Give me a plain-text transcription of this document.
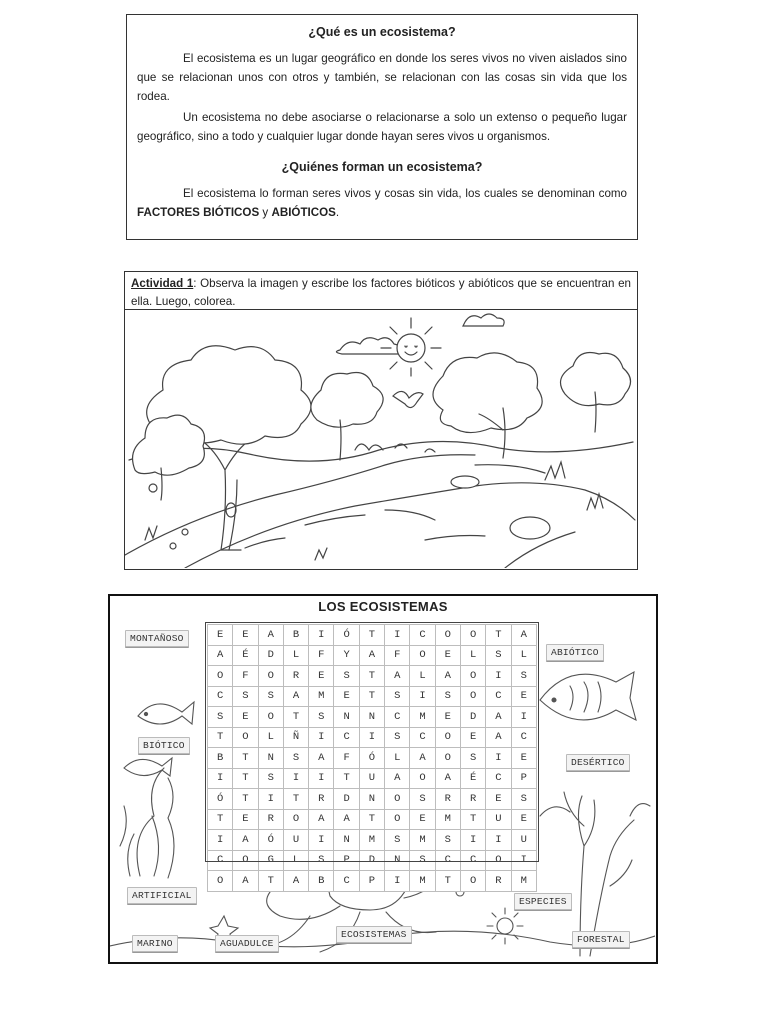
¿Qué es un ecosistema?

El ecosistema es un lugar geográfico en donde los seres vivos no viven aislados sino que se relacionan unos con otros y también, se relacionan con las cosas sin vida que los rodea.

Un ecosistema no debe asociarse o relacionarse a solo un extenso o pequeño lugar geográfico, sino a todo y cualquier lugar donde hayan seres vivos u organismos.

¿Quiénes forman un ecosistema?

El ecosistema lo forman seres vivos y cosas sin vida, los cuales se denominan como FACTORES BIÓTICOS y ABIÓTICOS.

Actividad 1: Observa la imagen y escribe los factores bióticos y abióticos que se encuentran en ella. Luego, colorea.
LOS ECOSISTEMAS
E	E	A	B	I	Ó	T	I	C	O	O	T	A
A	É	D	L	F	Y	A	F	O	E	L	S	L
O	F	O	R	E	S	T	A	L	A	O	I	S
C	S	S	A	M	E	T	S	I	S	O	C	E
S	E	O	T	S	N	N	C	M	E	D	A	I
T	O	L	Ñ	I	C	I	S	C	O	E	A	C
B	T	N	S	A	F	Ó	L	A	O	S	I	E
I	T	S	I	I	T	U	A	O	A	É	C	P
Ó	T	I	T	R	D	N	O	S	R	R	E	S
T	E	R	O	A	A	T	O	E	M	T	U	E
I	A	Ó	U	I	N	M	S	M	S	I	I	U
C	O	G	L	S	P	D	N	S	C	C	O	I
O	A	T	A	B	C	P	I	M	T	O	R	M
MONTAÑOSO
ABIÓTICO
BIÓTICO
DESÉRTICO
ARTIFICIAL
ESPECIES
MARINO	AGUADULCE
ECOSISTEMAS	FORESTAL
